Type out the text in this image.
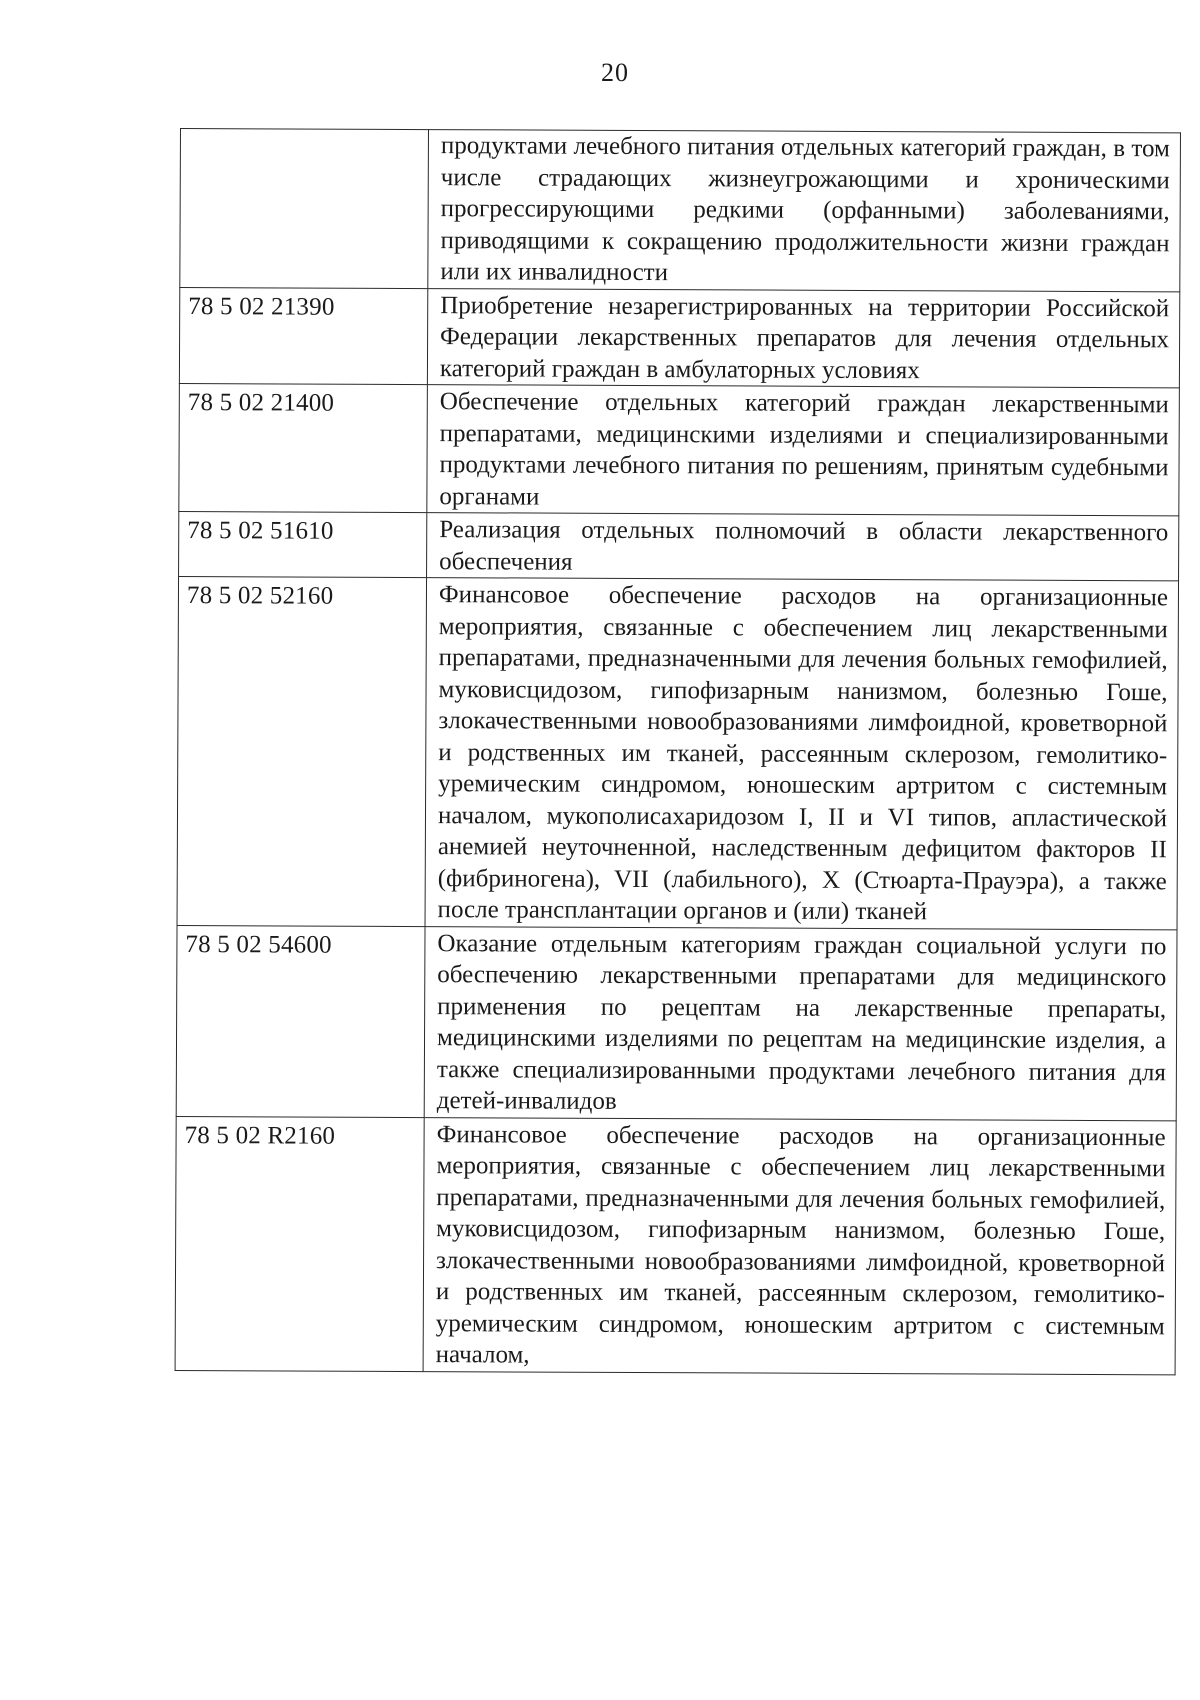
20

	продуктами лечебного питания отдельных категорий граждан, в том числе страдающих жизнеугрожающими и хроническими прогрессирующими редкими (орфанными) заболеваниями, приводящими к сокращению продолжительности жизни граждан или их инвалидности

78 5 02 21390	Приобретение незарегистрированных на территории Российской Федерации лекарственных препаратов для лечения отдельных категорий граждан в амбулаторных условиях

78 5 02 21400	Обеспечение отдельных категорий граждан лекарственными препаратами, медицинскими изделиями и специализированными продуктами лечебного питания по решениям, принятым судебными органами

78 5 02 51610	Реализация отдельных полномочий в области лекарственного обеспечения

78 5 02 52160	Финансовое обеспечение расходов на организационные мероприятия, связанные с обеспечением лиц лекарственными препаратами, предназначенными для лечения больных гемофилией, муковисцидозом, гипофизарным нанизмом, болезнью Гоше, злокачественными новообразованиями лимфоидной, кроветворной и родственных им тканей, рассеянным склерозом, гемолитико-уремическим синдромом, юношеским артритом с системным началом, мукополисахаридозом I, II и VI типов, апластической анемией неуточненной, наследственным дефицитом факторов II (фибриногена), VII (лабильного), X (Стюарта-Прауэра), а также после трансплантации органов и (или) тканей

78 5 02 54600	Оказание отдельным категориям граждан социальной услуги по обеспечению лекарственными препаратами для медицинского применения по рецептам на лекарственные препараты, медицинскими изделиями по рецептам на медицинские изделия, а также специализированными продуктами лечебного питания для детей-инвалидов

78 5 02 R2160	Финансовое обеспечение расходов на организационные мероприятия, связанные с обеспечением лиц лекарственными препаратами, предназначенными для лечения больных гемофилией, муковисцидозом, гипофизарным нанизмом, болезнью Гоше, злокачественными новообразованиями лимфоидной, кроветворной и родственных им тканей, рассеянным склерозом, гемолитико-уремическим синдромом, юношеским артритом с системным началом,
